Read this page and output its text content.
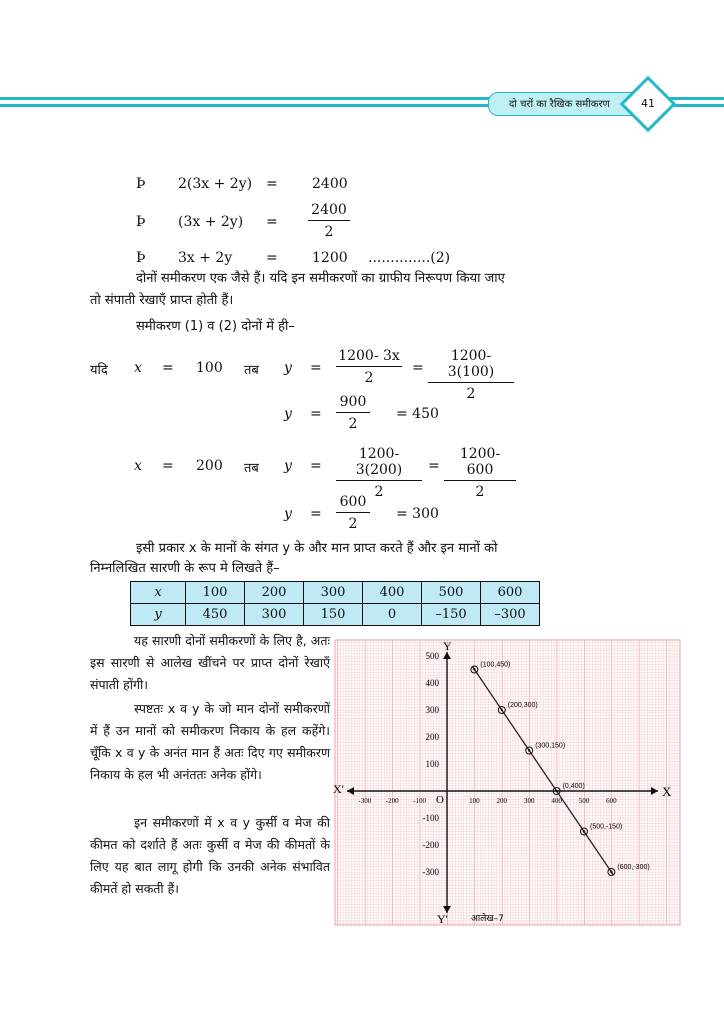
दो चरों का रैखिक समीकरण	41
Þ 2(3x + 2y) = 2400
Þ $(3x + 2y) = \frac{2400}{2}$
Þ 3x + 2y = 1200 ..............(2)
दोनों समीकरण एक जैसे हैं। यदि इन समीकरणों का ग्राफीय निरूपण किया जाए
तो संपाती रेखाएँ प्राप्त होती हैं।
समीकरण (1) व (2) दोनों में ही–
यदि x = 100 तब $y = \frac{1200- 3x}{2} = \frac{1200- 3(100)}{2}$
$y = \frac{900}{2} = 450$
x = 200 तब $y = \frac{1200- 3(200)}{2} = \frac{1200- 600}{2}$
$y = \frac{600}{2} = 300$
इसी प्रकार x के मानों के संगत y के और मान प्राप्त करते हैं और इन मानों को
निम्नलिखित सारणी के रूप मे लिखते हैं–
x	100	200	300	400	500	600
y	450	300	150	0	–150	–300
यह सारणी दोनों समीकरणों के लिए है, अतः इस सारणी से आलेख खींचने पर प्राप्त दोनों रेखाएँ संपाती होंगी।
स्पष्टतः x व y के जो मान दोनों समीकरणों में हैं उन मानों को समीकरण निकाय के हल कहेंगे। चूँकि x व y के अनंत मान हैं अतः दिए गए समीकरण निकाय के हल भी अनंततः अनेक होंगे।
इन समीकरणों में x व y कुर्सी व मेज की कीमत को दर्शाते हैं अतः कुर्सी व मेज की कीमतों के लिए यह बात लागू होगी कि उनकी अनेक संभावित कीमतें हो सकती हैं।
X
X'
Y
Y'
O
-300 -200 -100	100 200 300 400 500 600
500
400
300
200
100
-100
-200
-300
(100,450)
(200,300)
(300,150)
(0,400)
(500,-150)
(600,-300)
आलेख–7
